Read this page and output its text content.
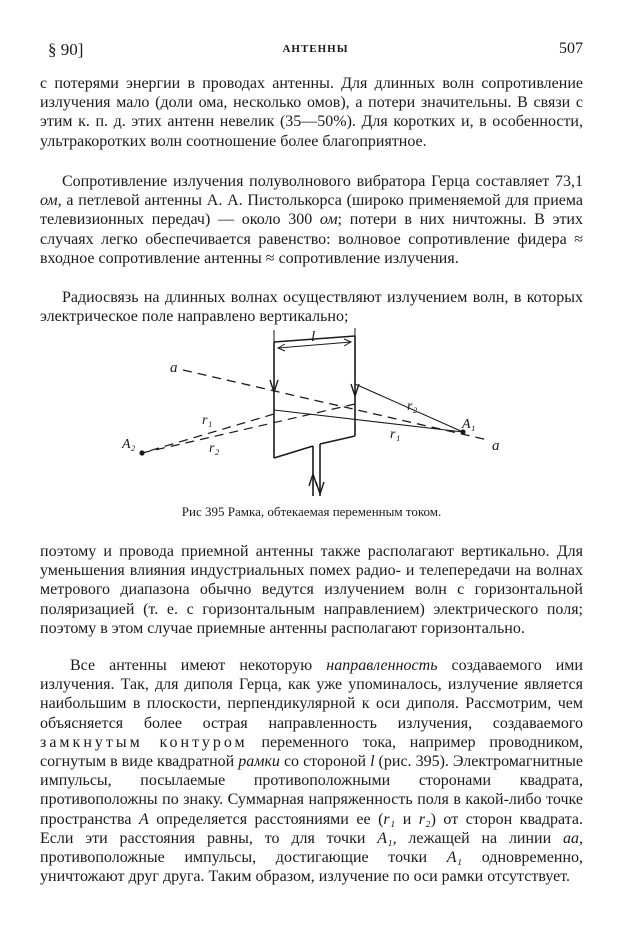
§ 90]	АНТЕННЫ	507

с потерями энергии в проводах антенны. Для длинных волн сопротивление излучения мало (доли ома, несколько омов), а потери значительны. В связи с этим к. п. д. этих антенн невелик (35—50%). Для коротких и, в особенности, ультракоротких волн соотношение более благоприятное.

Сопротивление излучения полуволнового вибратора Герца составляет 73,1 ом, а петлевой антенны А. А. Пистолькорса (широко применяемой для приема телевизионных передач) — около 300 ом; потери в них ничтожны. В этих случаях легко обеспечивается равенство: волновое сопротивление фидера ≈ входное сопротивление антенны ≈ сопротивление излучения.

Радиосвязь на длинных волнах осуществляют излучением волн, в которых электрическое поле направлено вертикально;

l
a
a
A₁
A₂
r₁
r₂
r₁
r₂
Рис 395 Рамка, обтекаемая переменным током.

поэтому и провода приемной антенны также располагают вертикально. Для уменьшения влияния индустриальных помех радио- и телепередачи на волнах метрового диапазона обычно ведутся излучением волн с горизонтальной поляризацией (т. е. с горизонтальным направлением) электрического поля; поэтому в этом случае приемные антенны располагают горизонтально.

Все антенны имеют некоторую направленность создаваемого ими излучения. Так, для диполя Герца, как уже упоминалось, излучение является наибольшим в плоскости, перпендикулярной к оси диполя. Рассмотрим, чем объясняется более острая направленность излучения, создаваемого замкнутым контуром переменного тока, например проводником, согнутым в виде квадратной рамки со стороной l (рис. 395). Электромагнитные импульсы, посылаемые противоположными сторонами квадрата, противоположны по знаку. Суммарная напряженность поля в какой-либо точке пространства A определяется расстояниями ее (r₁ и r₂) от сторон квадрата. Если эти расстояния равны, то для точки A₁, лежащей на линии aa, противоположные импульсы, достигающие точки A₁ одновременно, уничтожают друг друга. Таким образом, излучение по оси рамки отсутствует.
